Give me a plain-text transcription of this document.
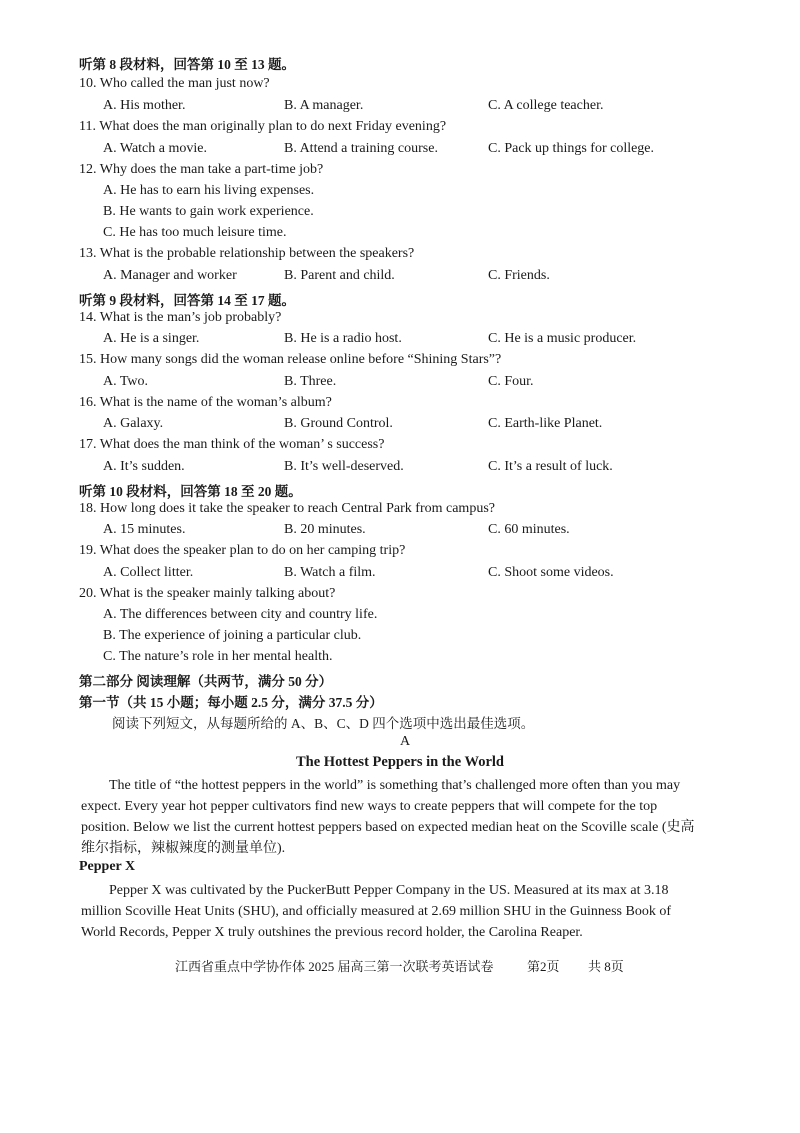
听第 8 段材料，回答第 10 至 13 题。
10. Who called the man just now?
A. His mother.	B. A manager.	C. A college teacher.
11. What does the man originally plan to do next Friday evening?
A. Watch a movie.	B. Attend a training course.	C. Pack up things for college.
12. Why does the man take a part-time job?
A. He has to earn his living expenses.
B. He wants to gain work experience.
C. He has too much leisure time.
13. What is the probable relationship between the speakers?
A. Manager and worker	B. Parent and child.	C. Friends.
听第 9 段材料，回答第 14 至 17 题。
14. What is the man’s job probably?
A. He is a singer.	B. He is a radio host.	C. He is a music producer.
15. How many songs did the woman release online before “Shining Stars”?
A. Two.	B. Three.	C. Four.
16. What is the name of the woman’s album?
A. Galaxy.	B. Ground Control.	C. Earth-like Planet.
17. What does the man think of the woman’ s success?
A. It’s sudden.	B. It’s well-deserved.	C. It’s a result of luck.
听第 10 段材料，回答第 18 至 20 题。
18. How long does it take the speaker to reach Central Park from campus?
A. 15 minutes.	B. 20 minutes.	C. 60 minutes.
19. What does the speaker plan to do on her camping trip?
A. Collect litter.	B. Watch a film.	C. Shoot some videos.
20. What is the speaker mainly talking about?
A. The differences between city and country life.
B. The experience of joining a particular club.
C. The nature’s role in her mental health.
第二部分 阅读理解（共两节，满分 50 分）
第一节（共 15 小题；每小题 2.5 分，满分 37.5 分）
阅读下列短文，从每题所给的 A、B、C、D 四个选项中选出最佳选项。
A
The Hottest Peppers in the World
The title of “the hottest peppers in the world” is something that’s challenged more often than you may
expect. Every year hot pepper cultivators find new ways to create peppers that will compete for the top
position. Below we list the current hottest peppers based on expected median heat on the Scoville scale (史高
维尔指标，辣椒辣度的测量单位).
Pepper X
Pepper X was cultivated by the PuckerButt Pepper Company in the US. Measured at its max at 3.18
million Scoville Heat Units (SHU), and officially measured at 2.69 million SHU in the Guinness Book of
World Records, Pepper X truly outshines the previous record holder, the Carolina Reaper.
江西省重点中学协作体 2025 届高三第一次联考英语试卷	第2页 共 8页
